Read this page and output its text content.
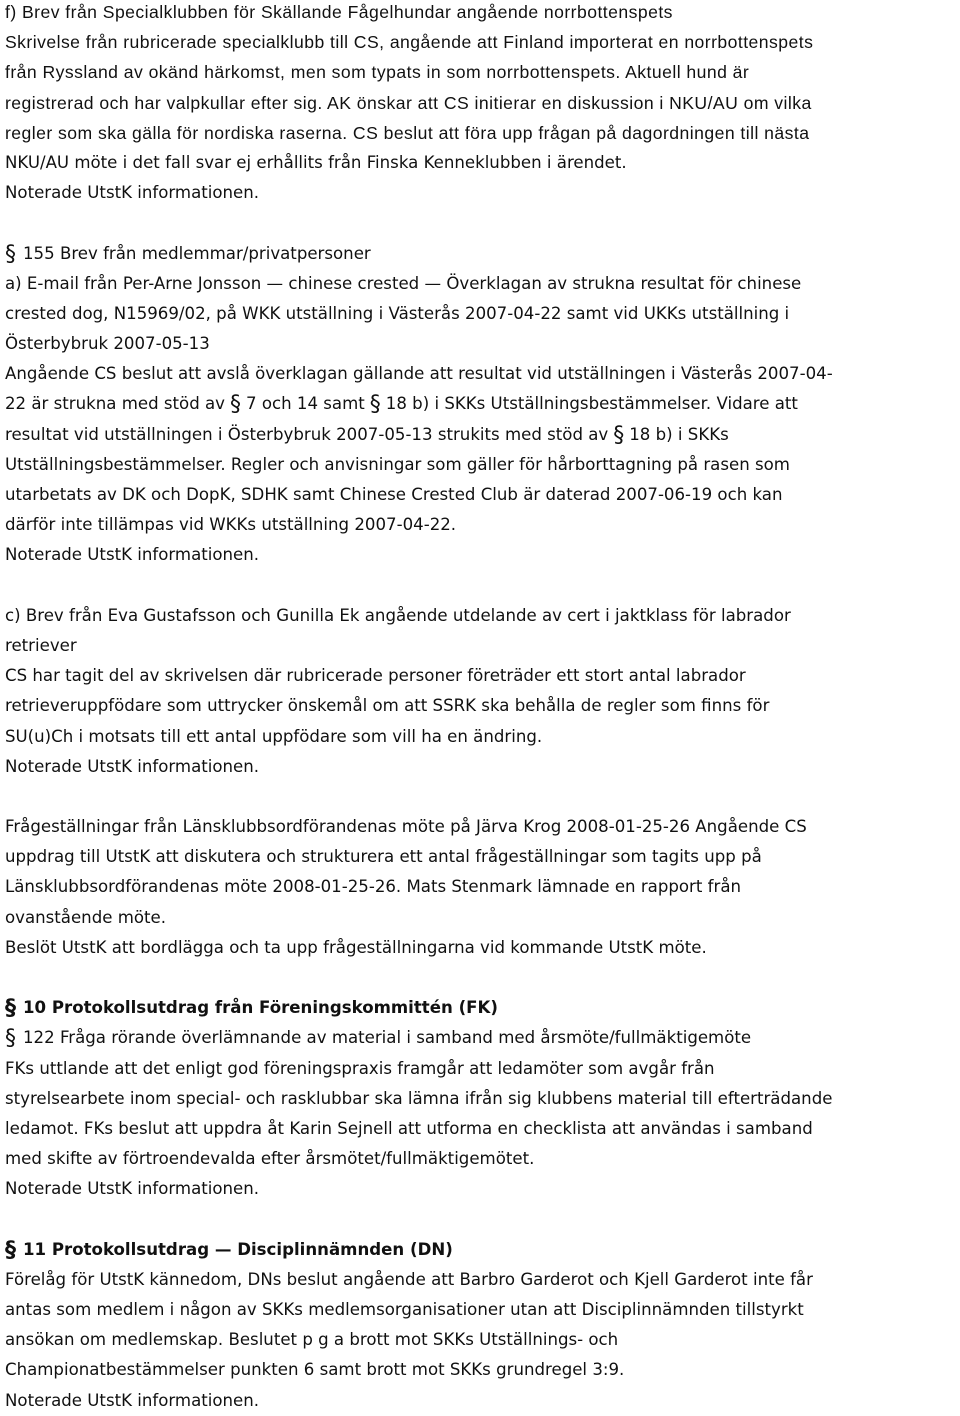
f) Brev från Specialklubben för Skällande Fågelhundar angående norrbottenspets
Skrivelse från rubricerade specialklubb till CS, angående att Finland importerat en norrbottenspets
från Ryssland av okänd härkomst, men som typats in som norrbottenspets. Aktuell hund är
registrerad och har valpkullar efter sig. AK önskar att CS initierar en diskussion i NKU/AU om vilka
regler som ska gälla för nordiska raserna. CS beslut att föra upp frågan på dagordningen till nästa
NKU/AU möte i det fall svar ej erhållits från Finska Kenneklubben i ärendet.
Noterade UtstK informationen.
§ 155 Brev från medlemmar/privatpersoner
a) E-mail från Per-Arne Jonsson — chinese crested — Överklagan av strukna resultat för chinese
crested dog, N15969/02, på WKK utställning i Västerås 2007-04-22 samt vid UKKs utställning i
Österbybruk 2007-05-13
Angående CS beslut att avslå överklagan gällande att resultat vid utställningen i Västerås 2007-04-
22 är strukna med stöd av § 7 och 14 samt § 18 b) i SKKs Utställningsbestämmelser. Vidare att
resultat vid utställningen i Österbybruk 2007-05-13 strukits med stöd av § 18 b) i SKKs
Utställningsbestämmelser. Regler och anvisningar som gäller för hårborttagning på rasen som
utarbetats av DK och DopK, SDHK samt Chinese Crested Club är daterad 2007-06-19 och kan
därför inte tillämpas vid WKKs utställning 2007-04-22.
Noterade UtstK informationen.
c) Brev från Eva Gustafsson och Gunilla Ek angående utdelande av cert i jaktklass för labrador
retriever
CS har tagit del av skrivelsen där rubricerade personer företräder ett stort antal labrador
retrieveruppfödare som uttrycker önskemål om att SSRK ska behålla de regler som finns för
SU(u)Ch i motsats till ett antal uppfödare som vill ha en ändring.
Noterade UtstK informationen.
Frågeställningar från Länsklubbsordförandenas möte på Järva Krog 2008-01-25-26 Angående CS
uppdrag till UtstK att diskutera och strukturera ett antal frågeställningar som tagits upp på
Länsklubbsordförandenas möte 2008-01-25-26. Mats Stenmark lämnade en rapport från
ovanstående möte.
Beslöt UtstK att bordlägga och ta upp frågeställningarna vid kommande UtstK möte.
§ 10 Protokollsutdrag från Föreningskommittén (FK)
§ 122 Fråga rörande överlämnande av material i samband med årsmöte/fullmäktigemöte
FKs uttlande att det enligt god föreningspraxis framgår att ledamöter som avgår från
styrelsearbete inom special- och rasklubbar ska lämna ifrån sig klubbens material till efterträdande
ledamot. FKs beslut att uppdra åt Karin Sejnell att utforma en checklista att användas i samband
med skifte av förtroendevalda efter årsmötet/fullmäktigemötet.
Noterade UtstK informationen.
§ 11 Protokollsutdrag — Disciplinnämnden (DN)
Förelåg för UtstK kännedom, DNs beslut angående att Barbro Garderot och Kjell Garderot inte får
antas som medlem i någon av SKKs medlemsorganisationer utan att Disciplinnämnden tillstyrkt
ansökan om medlemskap. Beslutet p g a brott mot SKKs Utställnings- och
Championatbestämmelser punkten 6 samt brott mot SKKs grundregel 3:9.
Noterade UtstK informationen.
